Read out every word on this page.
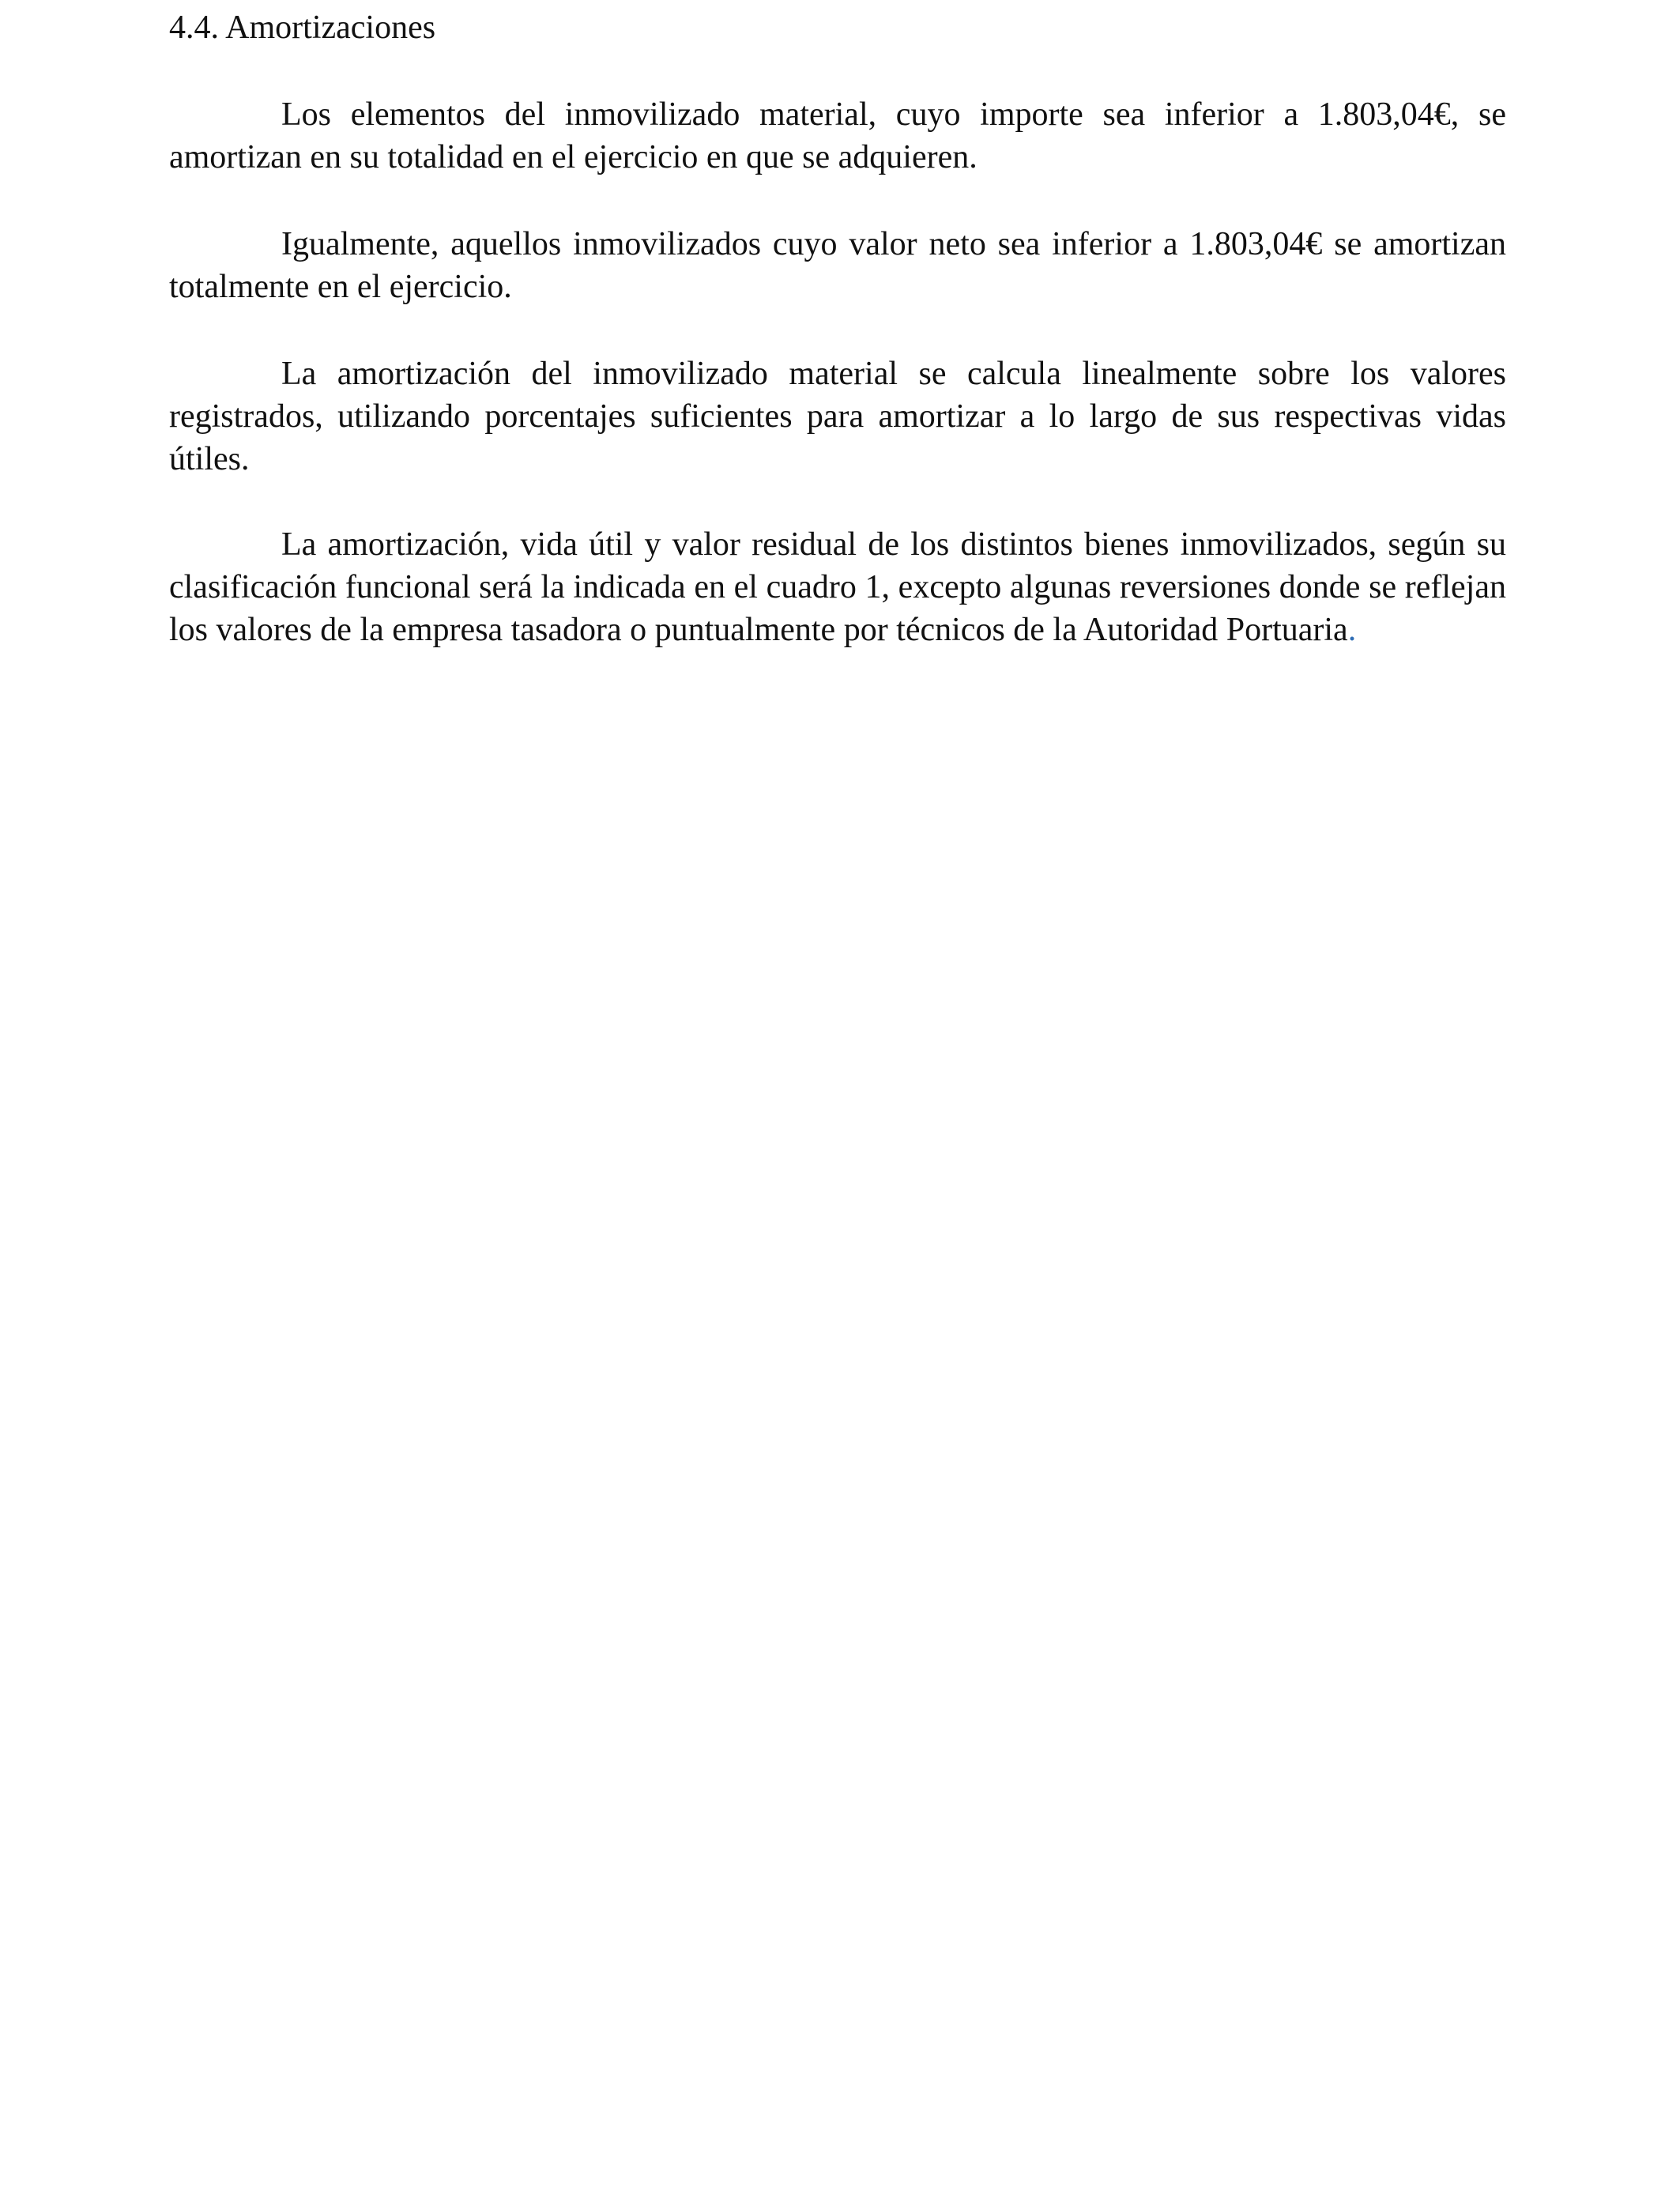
4.4. Amortizaciones

Los elementos del inmovilizado material, cuyo importe sea inferior a 1.803,04€, se amortizan en su totalidad en el ejercicio en que se adquieren.

Igualmente, aquellos inmovilizados cuyo valor neto sea inferior a 1.803,04€ se amortizan totalmente en el ejercicio.

La amortización del inmovilizado material se calcula linealmente sobre los valores registrados, utilizando porcentajes suficientes para amortizar a lo largo de sus respectivas vidas útiles.

La amortización, vida útil y valor residual de los distintos bienes inmovilizados, según su clasificación funcional será la indicada en el cuadro 1, excepto algunas reversiones donde se reflejan los valores de la empresa tasadora o puntualmente por técnicos de la Autoridad Portuaria.
